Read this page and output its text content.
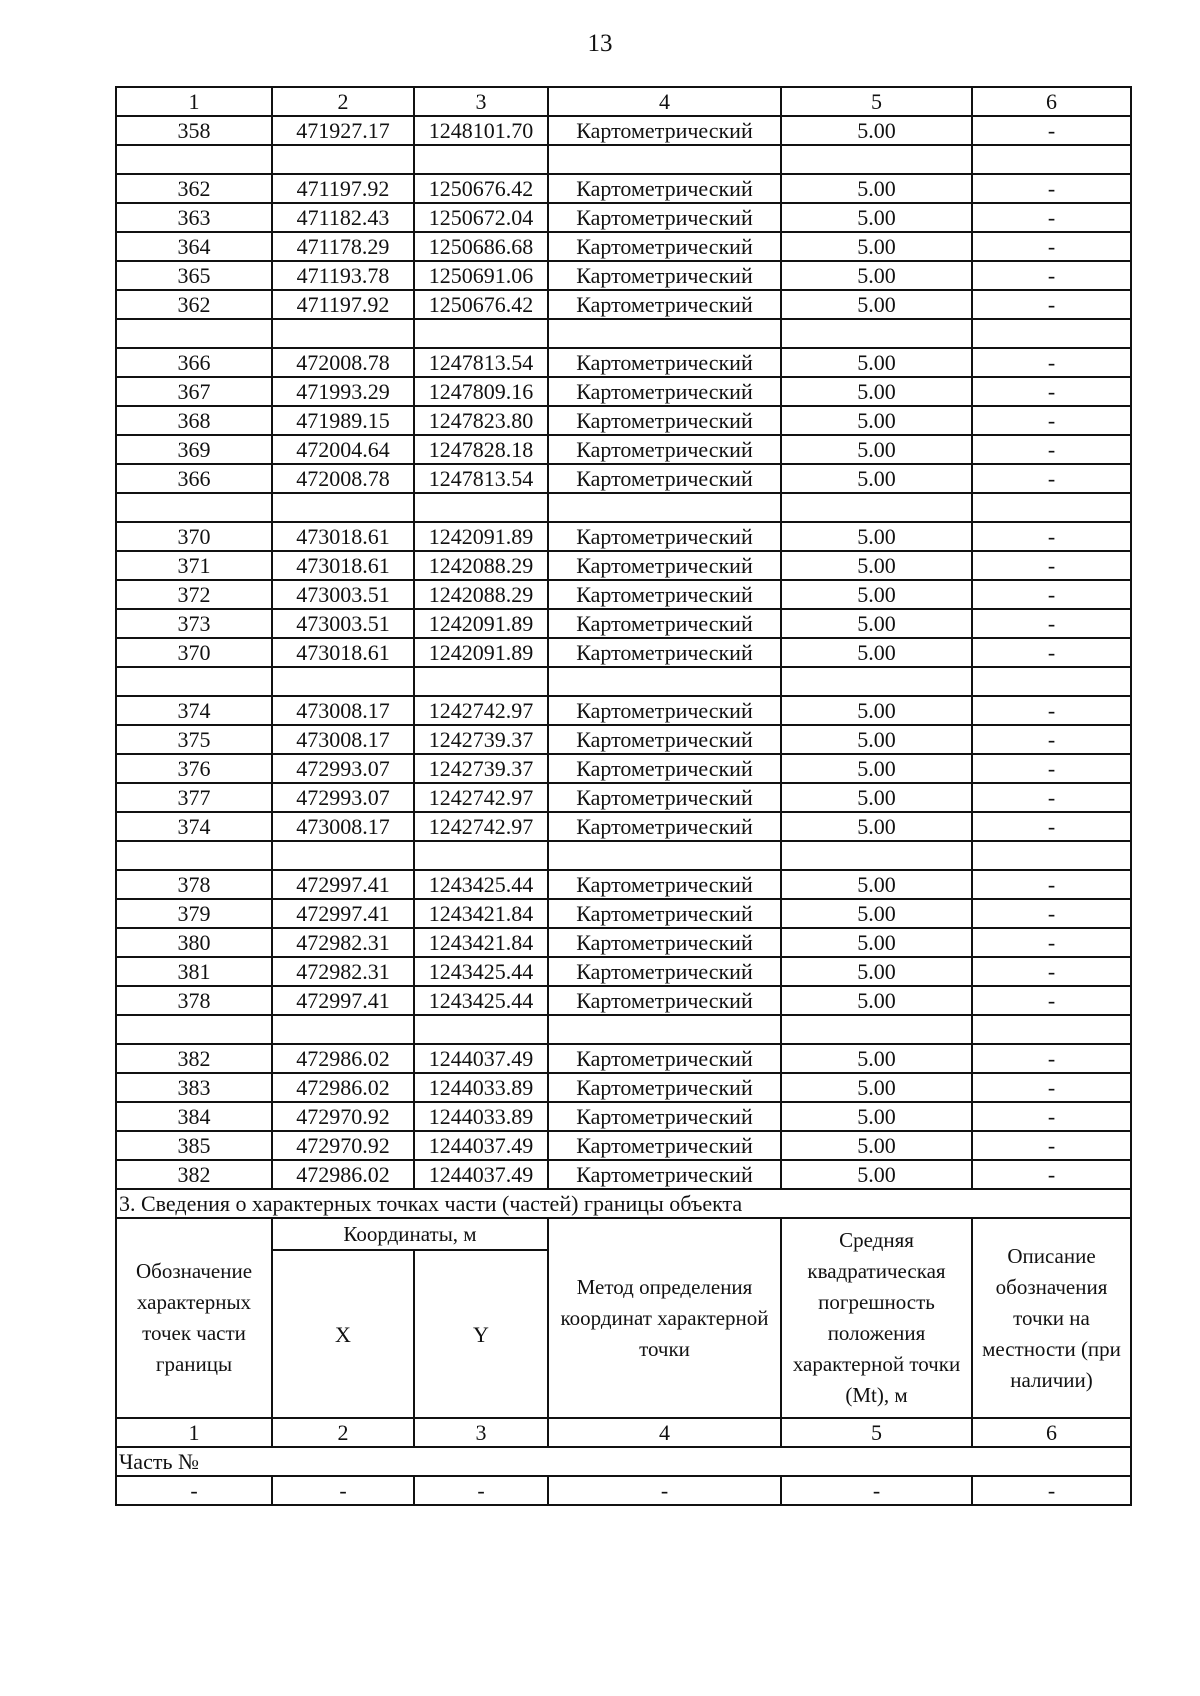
13
1	2	3	4	5	6
358	471927.17	1248101.70	Картометрический	5.00	-

362	471197.92	1250676.42	Картометрический	5.00	-
363	471182.43	1250672.04	Картометрический	5.00	-
364	471178.29	1250686.68	Картометрический	5.00	-
365	471193.78	1250691.06	Картометрический	5.00	-
362	471197.92	1250676.42	Картометрический	5.00	-

366	472008.78	1247813.54	Картометрический	5.00	-
367	471993.29	1247809.16	Картометрический	5.00	-
368	471989.15	1247823.80	Картометрический	5.00	-
369	472004.64	1247828.18	Картометрический	5.00	-
366	472008.78	1247813.54	Картометрический	5.00	-

370	473018.61	1242091.89	Картометрический	5.00	-
371	473018.61	1242088.29	Картометрический	5.00	-
372	473003.51	1242088.29	Картометрический	5.00	-
373	473003.51	1242091.89	Картометрический	5.00	-
370	473018.61	1242091.89	Картометрический	5.00	-

374	473008.17	1242742.97	Картометрический	5.00	-
375	473008.17	1242739.37	Картометрический	5.00	-
376	472993.07	1242739.37	Картометрический	5.00	-
377	472993.07	1242742.97	Картометрический	5.00	-
374	473008.17	1242742.97	Картометрический	5.00	-

378	472997.41	1243425.44	Картометрический	5.00	-
379	472997.41	1243421.84	Картометрический	5.00	-
380	472982.31	1243421.84	Картометрический	5.00	-
381	472982.31	1243425.44	Картометрический	5.00	-
378	472997.41	1243425.44	Картометрический	5.00	-

382	472986.02	1244037.49	Картометрический	5.00	-
383	472986.02	1244033.89	Картометрический	5.00	-
384	472970.92	1244033.89	Картометрический	5.00	-
385	472970.92	1244037.49	Картометрический	5.00	-
382	472986.02	1244037.49	Картометрический	5.00	-
3. Сведения о характерных точках части (частей) границы объекта					
Обозначение характерных точек части границы	Координаты, м		Метод определения координат характерной точки	Средняя квадратическая погрешность положения характерной точки (Mt), м	Описание обозначения точки на местности (при наличии)
	X	Y			
1	2	3	4	5	6
Часть №					
-	-	-	-	-	-
